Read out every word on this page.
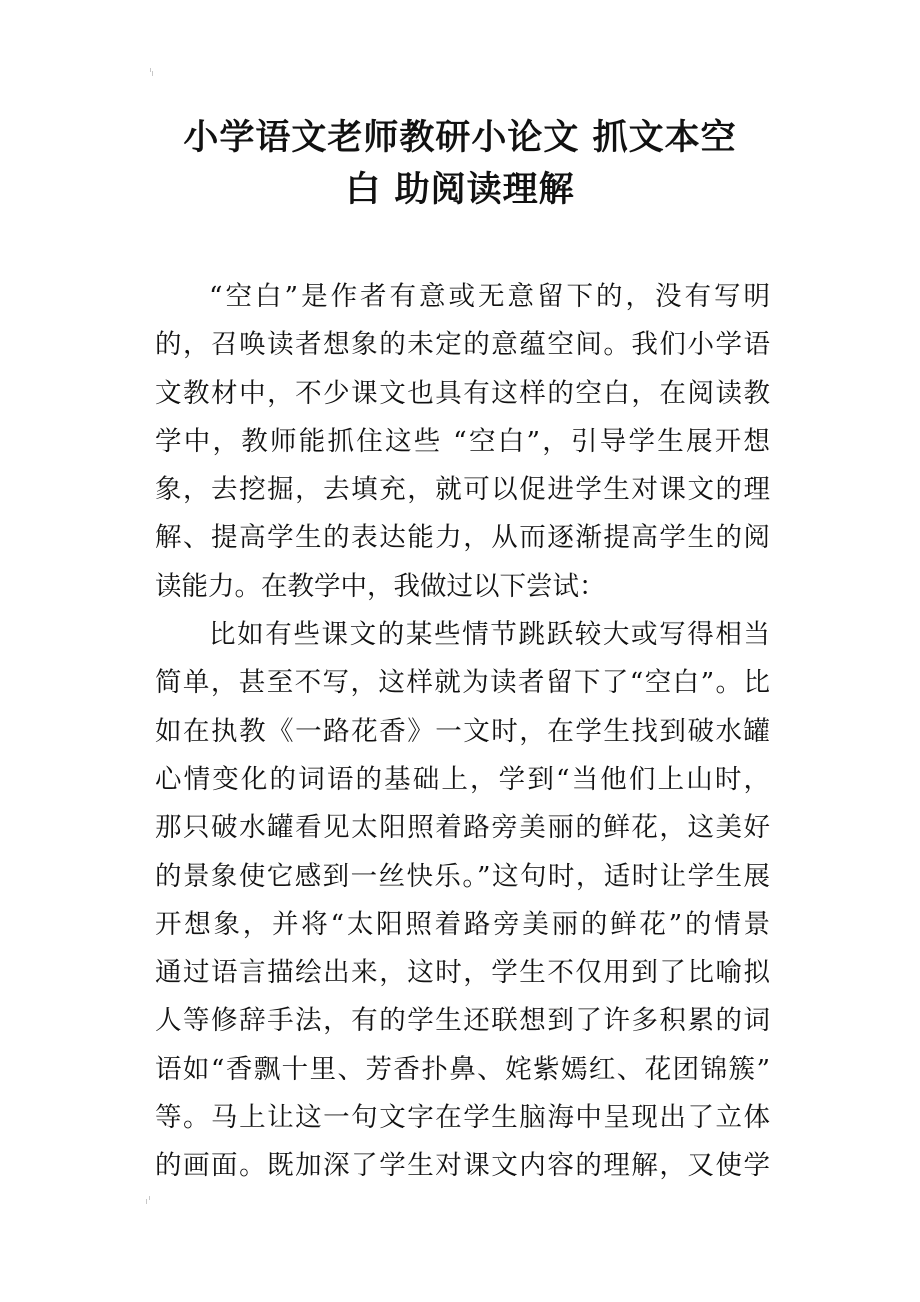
小学语文老师教研小论文 抓文本空
白 助阅读理解
“空白”是作者有意或无意留下的，没有写明
的，召唤读者想象的未定的意蕴空间。我们小学语
文教材中，不少课文也具有这样的空白，在阅读教
学中，教师能抓住这些 “空白”，引导学生展开想
象，去挖掘，去填充，就可以促进学生对课文的理
解、提高学生的表达能力，从而逐渐提高学生的阅
读能力。在教学中，我做过以下尝试：
比如有些课文的某些情节跳跃较大或写得相当
简单，甚至不写，这样就为读者留下了“空白”。比
如在执教《一路花香》一文时，在学生找到破水罐
心情变化的词语的基础上，学到“当他们上山时，
那只破水罐看见太阳照着路旁美丽的鲜花，这美好
的景象使它感到一丝快乐。”这句时，适时让学生展
开想象，并将“太阳照着路旁美丽的鲜花”的情景
通过语言描绘出来，这时，学生不仅用到了比喻拟
人等修辞手法，有的学生还联想到了许多积累的词
语如“香飘十里、芳香扑鼻、姹紫嫣红、花团锦簇”
等。马上让这一句文字在学生脑海中呈现出了立体
的画面。既加深了学生对课文内容的理解，又使学
